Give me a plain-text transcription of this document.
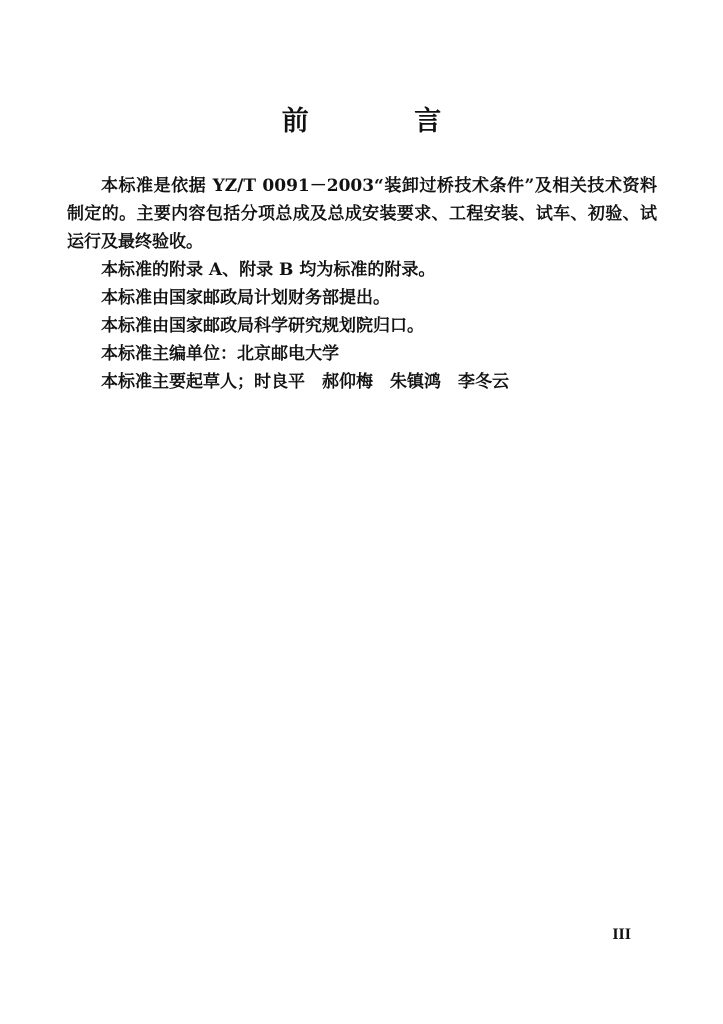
前 言

本标准是依据 YZ/T 0091－2003“装卸过桥技术条件”及相关技术资料制定的。主要内容包括分项总成及总成安装要求、工程安装、试车、初验、试运行及最终验收。

本标准的附录 A、附录 B 均为标准的附录。

本标准由国家邮政局计划财务部提出。

本标准由国家邮政局科学研究规划院归口。

本标准主编单位：北京邮电大学

本标准主要起草人；时良平　郝仰梅　朱镇鸿　李冬云

III
